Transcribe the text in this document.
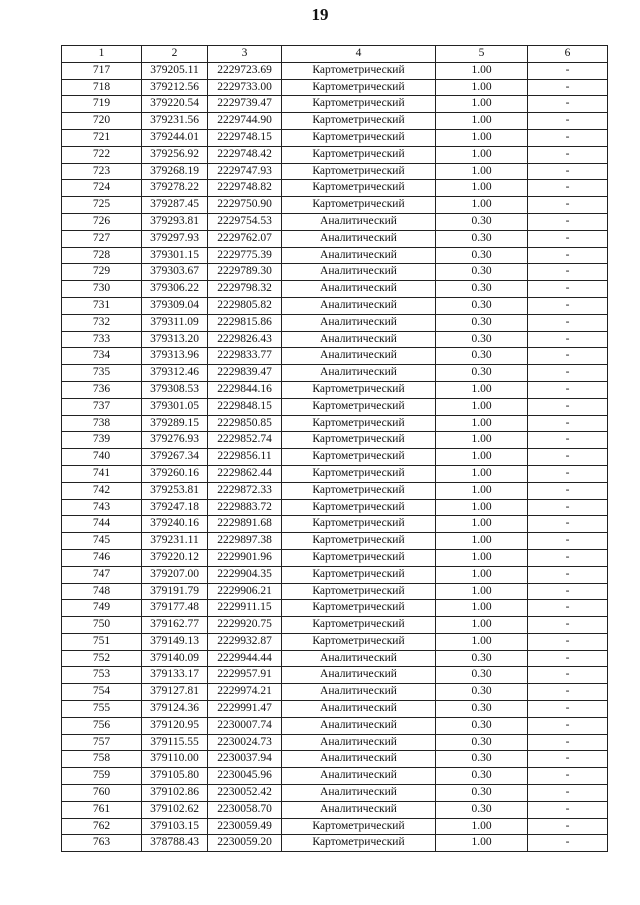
19
1	2	3	4	5	6
717	379205.11	2229723.69	Картометрический	1.00	-
718	379212.56	2229733.00	Картометрический	1.00	-
719	379220.54	2229739.47	Картометрический	1.00	-
720	379231.56	2229744.90	Картометрический	1.00	-
721	379244.01	2229748.15	Картометрический	1.00	-
722	379256.92	2229748.42	Картометрический	1.00	-
723	379268.19	2229747.93	Картометрический	1.00	-
724	379278.22	2229748.82	Картометрический	1.00	-
725	379287.45	2229750.90	Картометрический	1.00	-
726	379293.81	2229754.53	Аналитический	0.30	-
727	379297.93	2229762.07	Аналитический	0.30	-
728	379301.15	2229775.39	Аналитический	0.30	-
729	379303.67	2229789.30	Аналитический	0.30	-
730	379306.22	2229798.32	Аналитический	0.30	-
731	379309.04	2229805.82	Аналитический	0.30	-
732	379311.09	2229815.86	Аналитический	0.30	-
733	379313.20	2229826.43	Аналитический	0.30	-
734	379313.96	2229833.77	Аналитический	0.30	-
735	379312.46	2229839.47	Аналитический	0.30	-
736	379308.53	2229844.16	Картометрический	1.00	-
737	379301.05	2229848.15	Картометрический	1.00	-
738	379289.15	2229850.85	Картометрический	1.00	-
739	379276.93	2229852.74	Картометрический	1.00	-
740	379267.34	2229856.11	Картометрический	1.00	-
741	379260.16	2229862.44	Картометрический	1.00	-
742	379253.81	2229872.33	Картометрический	1.00	-
743	379247.18	2229883.72	Картометрический	1.00	-
744	379240.16	2229891.68	Картометрический	1.00	-
745	379231.11	2229897.38	Картометрический	1.00	-
746	379220.12	2229901.96	Картометрический	1.00	-
747	379207.00	2229904.35	Картометрический	1.00	-
748	379191.79	2229906.21	Картометрический	1.00	-
749	379177.48	2229911.15	Картометрический	1.00	-
750	379162.77	2229920.75	Картометрический	1.00	-
751	379149.13	2229932.87	Картометрический	1.00	-
752	379140.09	2229944.44	Аналитический	0.30	-
753	379133.17	2229957.91	Аналитический	0.30	-
754	379127.81	2229974.21	Аналитический	0.30	-
755	379124.36	2229991.47	Аналитический	0.30	-
756	379120.95	2230007.74	Аналитический	0.30	-
757	379115.55	2230024.73	Аналитический	0.30	-
758	379110.00	2230037.94	Аналитический	0.30	-
759	379105.80	2230045.96	Аналитический	0.30	-
760	379102.86	2230052.42	Аналитический	0.30	-
761	379102.62	2230058.70	Аналитический	0.30	-
762	379103.15	2230059.49	Картометрический	1.00	-
763	378788.43	2230059.20	Картометрический	1.00	-
